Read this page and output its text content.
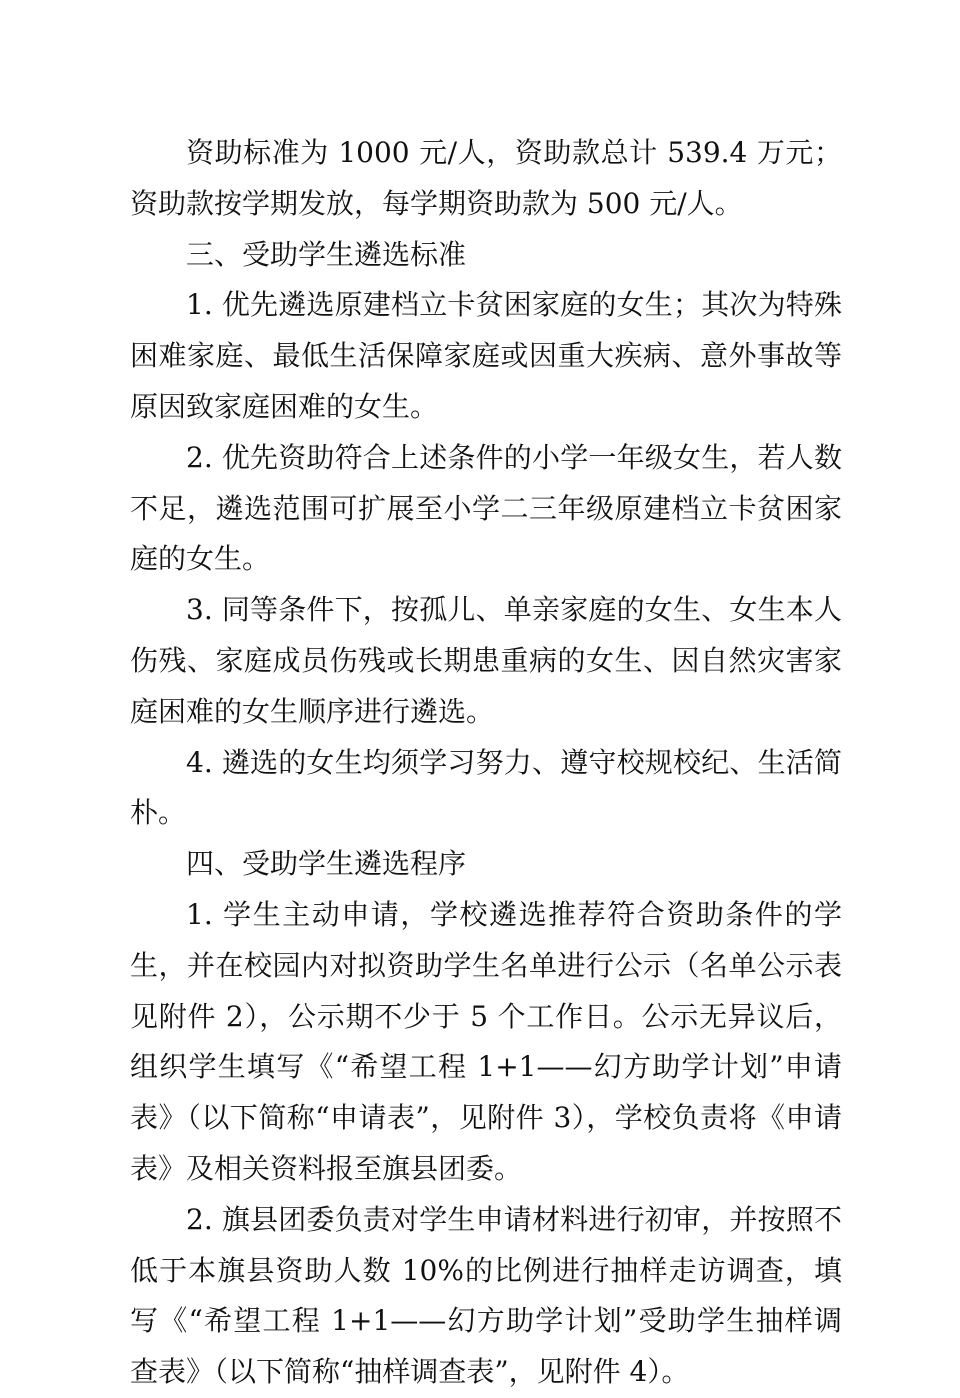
资助标准为 1000 元/人，资助款总计 539.4 万元；资助款按学期发放，每学期资助款为 500 元/人。

三、受助学生遴选标准

1. 优先遴选原建档立卡贫困家庭的女生；其次为特殊困难家庭、最低生活保障家庭或因重大疾病、意外事故等原因致家庭困难的女生。

2. 优先资助符合上述条件的小学一年级女生，若人数不足，遴选范围可扩展至小学二三年级原建档立卡贫困家庭的女生。

3. 同等条件下，按孤儿、单亲家庭的女生、女生本人伤残、家庭成员伤残或长期患重病的女生、因自然灾害家庭困难的女生顺序进行遴选。

4. 遴选的女生均须学习努力、遵守校规校纪、生活简朴。

四、受助学生遴选程序

1. 学生主动申请，学校遴选推荐符合资助条件的学生，并在校园内对拟资助学生名单进行公示（名单公示表见附件 2），公示期不少于 5 个工作日。公示无异议后，组织学生填写《“希望工程 1+1——幻方助学计划”申请表》（以下简称“申请表”，见附件 3），学校负责将《申请表》及相关资料报至旗县团委。

2. 旗县团委负责对学生申请材料进行初审，并按照不低于本旗县资助人数 10%的比例进行抽样走访调查，填写《“希望工程 1+1——幻方助学计划”受助学生抽样调查表》（以下简称“抽样调查表”，见附件 4）。
